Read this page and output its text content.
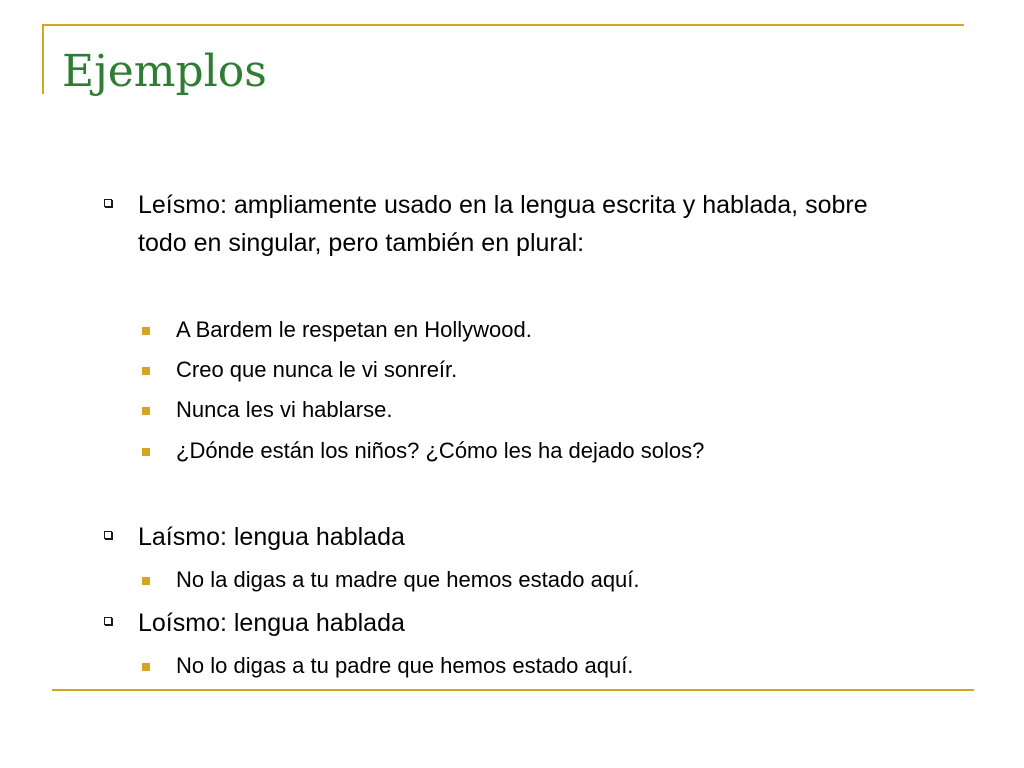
Ejemplos
Leísmo: ampliamente usado en la lengua escrita y hablada, sobre todo en singular, pero también en plural:
A Bardem le respetan en Hollywood.
Creo que nunca le vi sonreír.
Nunca les vi hablarse.
¿Dónde están los niños? ¿Cómo les ha dejado solos?
Laísmo: lengua hablada
No la digas a tu madre que hemos estado aquí.
Loísmo: lengua hablada
No lo digas a tu padre que hemos estado aquí.
